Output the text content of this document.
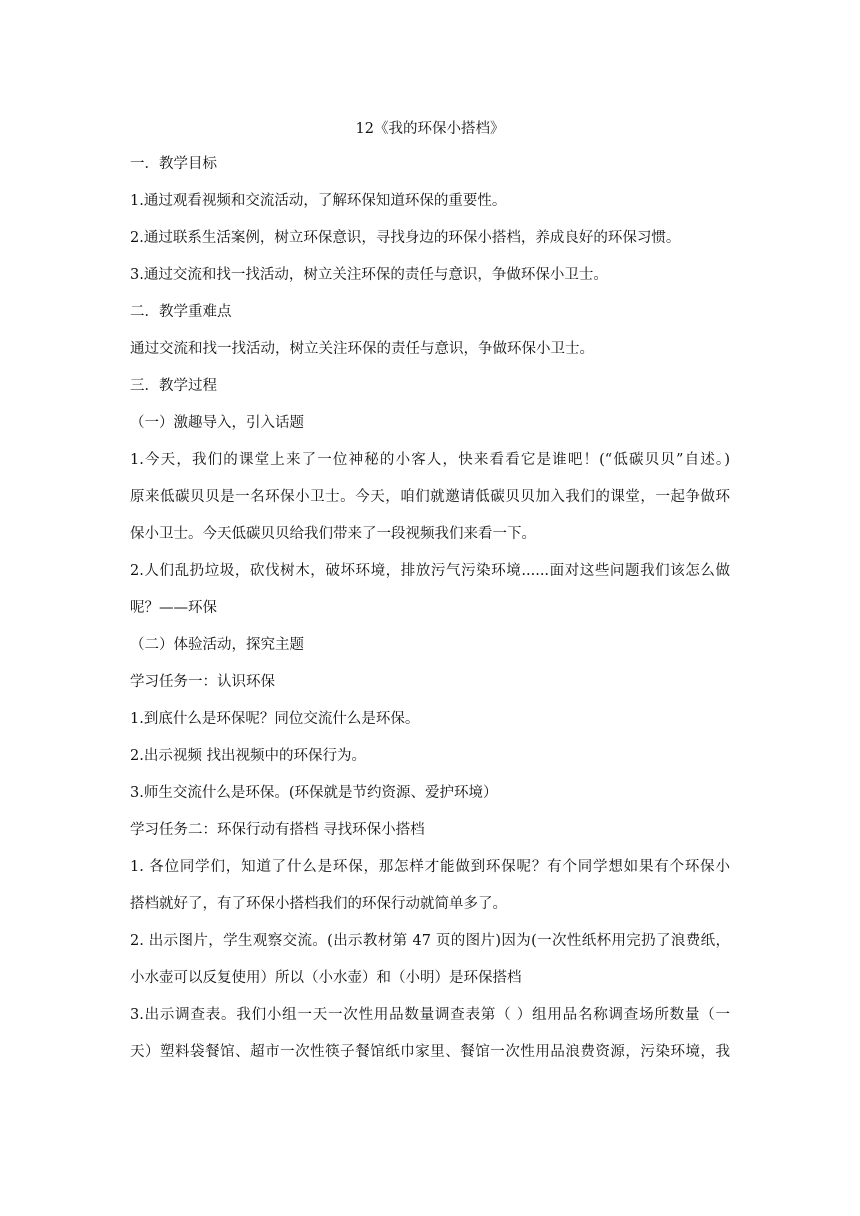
12《我的环保小搭档》
一．教学目标
1.通过观看视频和交流活动，了解环保知道环保的重要性。
2.通过联系生活案例，树立环保意识，寻找身边的环保小搭档，养成良好的环保习惯。
3.通过交流和找一找活动，树立关注环保的责任与意识，争做环保小卫士。
二．教学重难点
通过交流和找一找活动，树立关注环保的责任与意识，争做环保小卫士。
三．教学过程
（一）激趣导入，引入话题
1.今天，我们的课堂上来了一位神秘的小客人，快来看看它是谁吧！(“低碳贝贝”自述。)
原来低碳贝贝是一名环保小卫士。今天，咱们就邀请低碳贝贝加入我们的课堂，一起争做环
保小卫士。今天低碳贝贝给我们带来了一段视频我们来看一下。
2.人们乱扔垃圾，砍伐树木，破坏环境，排放污气污染环境......面对这些问题我们该怎么做
呢？——环保
（二）体验活动，探究主题
学习任务一：认识环保
1.到底什么是环保呢？同位交流什么是环保。
2.出示视频 找出视频中的环保行为。
3.师生交流什么是环保。(环保就是节约资源、爱护环境）
学习任务二：环保行动有搭档 寻找环保小搭档
1. 各位同学们，知道了什么是环保，那怎样才能做到环保呢？有个同学想如果有个环保小
搭档就好了，有了环保小搭档我们的环保行动就简单多了。
2. 出示图片，学生观察交流。(出示教材第 47 页的图片)因为(一次性纸杯用完扔了浪费纸，
小水壶可以反复使用）所以（小水壶）和（小明）是环保搭档
3.出示调查表。我们小组一天一次性用品数量调查表第（ ）组用品名称调查场所数量（一
天）塑料袋餐馆、超市一次性筷子餐馆纸巾家里、餐馆一次性用品浪费资源，污染环境，我
